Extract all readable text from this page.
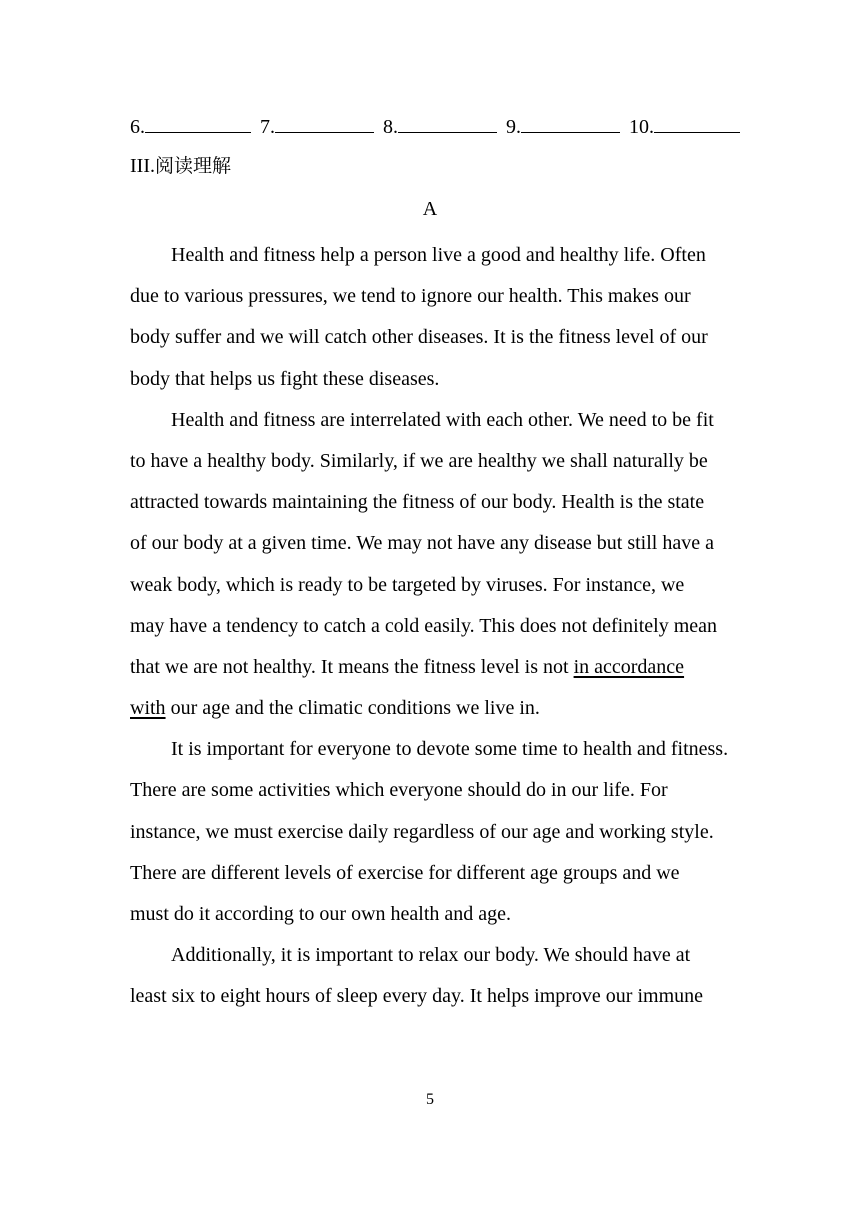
6.	7.	8.	9.	10.
III.阅读理解
A
Health and fitness help a person live a good and healthy life. Often
due to various pressures, we tend to ignore our health. This makes our
body suffer and we will catch other diseases. It is the fitness level of our
body that helps us fight these diseases.
Health and fitness are interrelated with each other. We need to be fit
to have a healthy body. Similarly, if we are healthy we shall naturally be
attracted towards maintaining the fitness of our body. Health is the state
of our body at a given time. We may not have any disease but still have a
weak body, which is ready to be targeted by viruses. For instance, we
may have a tendency to catch a cold easily. This does not definitely mean
that we are not healthy. It means the fitness level is not in accordance
with our age and the climatic conditions we live in.
It is important for everyone to devote some time to health and fitness.
There are some activities which everyone should do in our life. For
instance, we must exercise daily regardless of our age and working style.
There are different levels of exercise for different age groups and we
must do it according to our own health and age.
Additionally, it is important to relax our body. We should have at
least six to eight hours of sleep every day. It helps improve our immune
5
